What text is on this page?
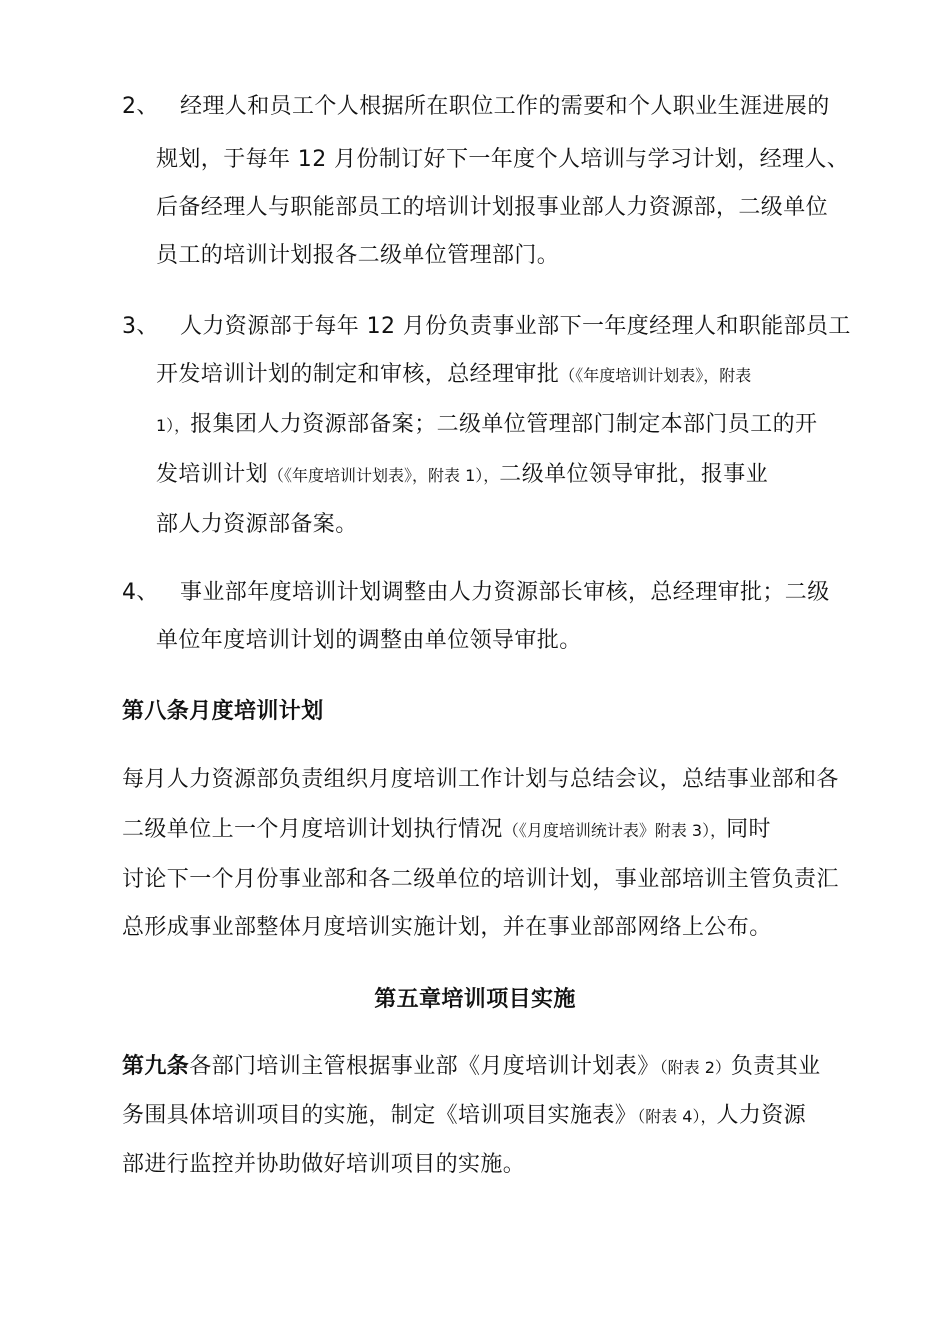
2、 经理人和员工个人根据所在职位工作的需要和个人职业生涯进展的
规划，于每年 12 月份制订好下一年度个人培训与学习计划，经理人、
后备经理人与职能部员工的培训计划报事业部人力资源部，二级单位
员工的培训计划报各二级单位管理部门。
3、 人力资源部于每年 12 月份负责事业部下一年度经理人和职能部员工
开发培训计划的制定和审核，总经理审批（《年度培训计划表》，附表
1），报集团人力资源部备案；二级单位管理部门制定本部门员工的开
发培训计划（《年度培训计划表》，附表 1），二级单位领导审批，报事业
部人力资源部备案。
4、 事业部年度培训计划调整由人力资源部长审核，总经理审批；二级
单位年度培训计划的调整由单位领导审批。
第八条月度培训计划
每月人力资源部负责组织月度培训工作计划与总结会议，总结事业部和各
二级单位上一个月度培训计划执行情况（《月度培训统计表》附表 3），同时
讨论下一个月份事业部和各二级单位的培训计划，事业部培训主管负责汇
总形成事业部整体月度培训实施计划，并在事业部部网络上公布。
第五章培训项目实施
第九条各部门培训主管根据事业部《月度培训计划表》（附表 2）负责其业
务围具体培训项目的实施，制定《培训项目实施表》（附表 4），人力资源
部进行监控并协助做好培训项目的实施。
